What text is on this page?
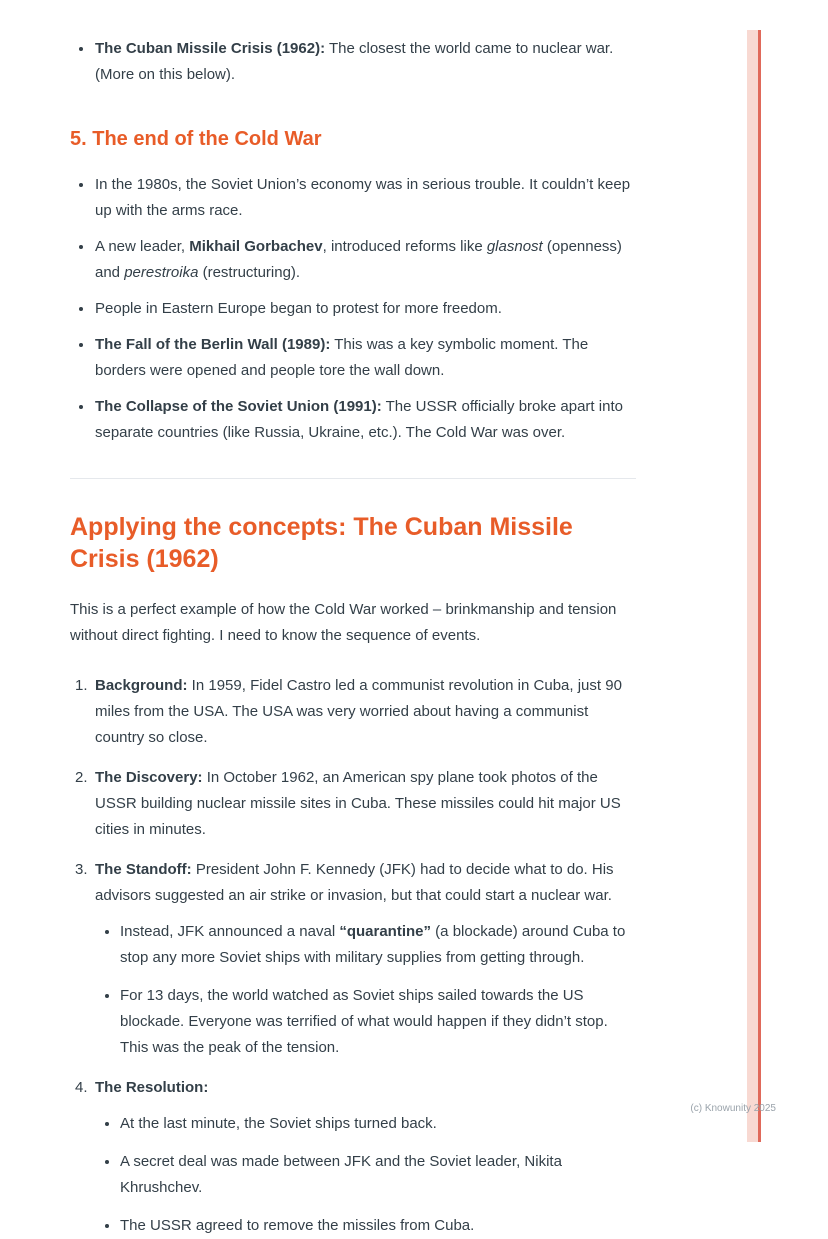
The Cuban Missile Crisis (1962): The closest the world came to nuclear war. (More on this below).
5. The end of the Cold War
In the 1980s, the Soviet Union’s economy was in serious trouble. It couldn’t keep up with the arms race.
A new leader, Mikhail Gorbachev, introduced reforms like glasnost (openness) and perestroika (restructuring).
People in Eastern Europe began to protest for more freedom.
The Fall of the Berlin Wall (1989): This was a key symbolic moment. The borders were opened and people tore the wall down.
The Collapse of the Soviet Union (1991): The USSR officially broke apart into separate countries (like Russia, Ukraine, etc.). The Cold War was over.
Applying the concepts: The Cuban Missile Crisis (1962)

This is a perfect example of how the Cold War worked – brinkmanship and tension without direct fighting. I need to know the sequence of events.

Background: In 1959, Fidel Castro led a communist revolution in Cuba, just 90 miles from the USA. The USA was very worried about having a communist country so close.
The Discovery: In October 1962, an American spy plane took photos of the USSR building nuclear missile sites in Cuba. These missiles could hit major US cities in minutes.
The Standoff: President John F. Kennedy (JFK) had to decide what to do. His advisors suggested an air strike or invasion, but that could start a nuclear war.
Instead, JFK announced a naval “quarantine” (a blockade) around Cuba to stop any more Soviet ships with military supplies from getting through.
For 13 days, the world watched as Soviet ships sailed towards the US blockade. Everyone was terrified of what would happen if they didn’t stop. This was the peak of the tension.
The Resolution:
At the last minute, the Soviet ships turned back.
A secret deal was made between JFK and the Soviet leader, Nikita Khrushchev.
The USSR agreed to remove the missiles from Cuba.
(c) Knowunity 2025
